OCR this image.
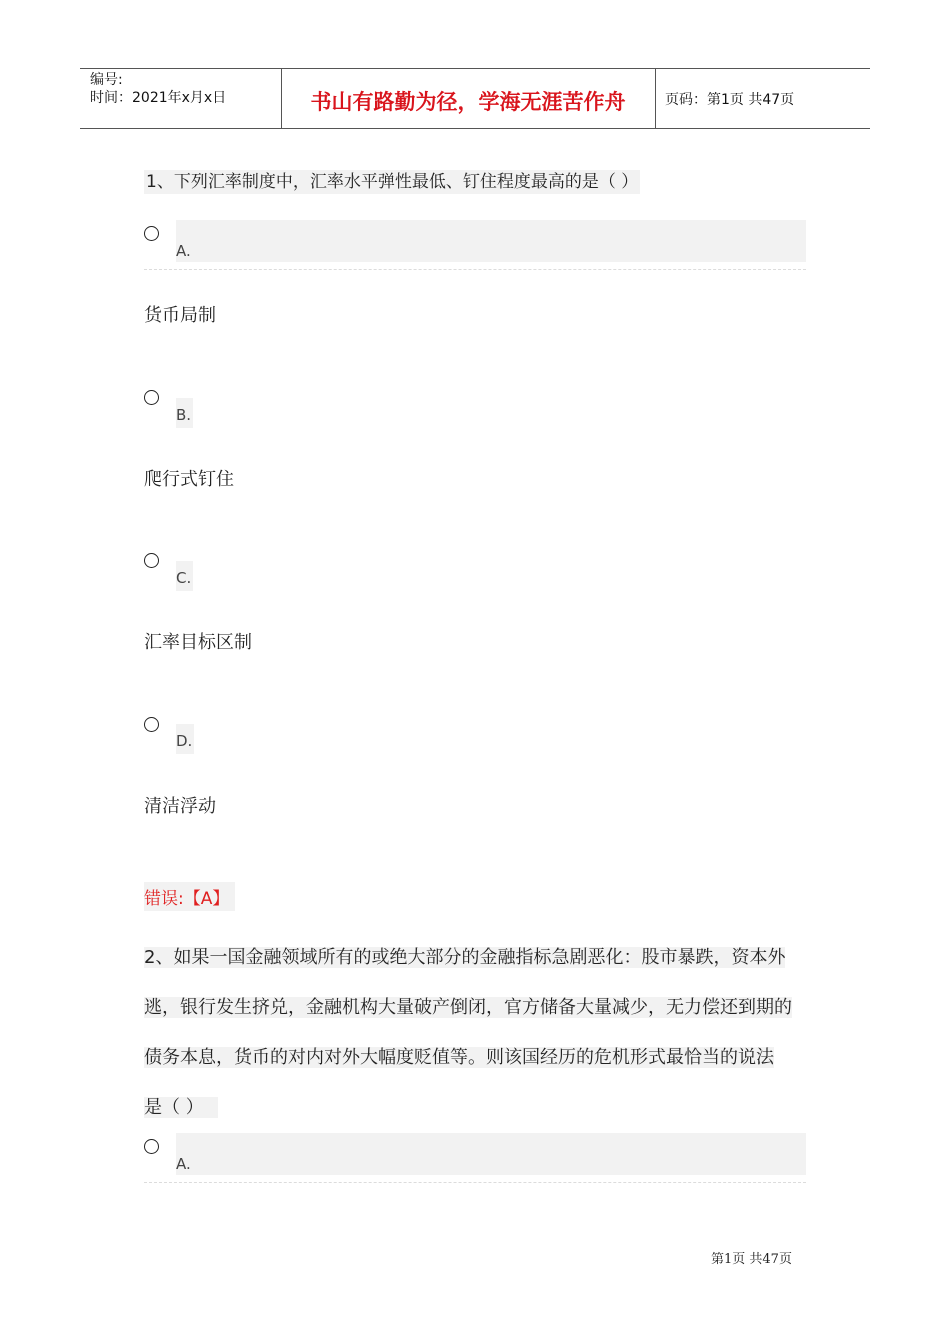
编号:
时间：2021年x月x日	书山有路勤为径，学海无涯苦作舟	页码：第1页 共47页
1、下列汇率制度中，汇率水平弹性最低、钉住程度最高的是（ ）
A.
货币局制
B.
爬行式钉住
C.
汇率目标区制
D.
清洁浮动
错误:【A】
2、如果一国金融领域所有的或绝大部分的金融指标急剧恶化：股市暴跌，资本外
逃，银行发生挤兑，金融机构大量破产倒闭，官方储备大量减少，无力偿还到期的
债务本息，货币的对内对外大幅度贬值等。则该国经历的危机形式最恰当的说法
是（ ）
A.
第1页 共47页
